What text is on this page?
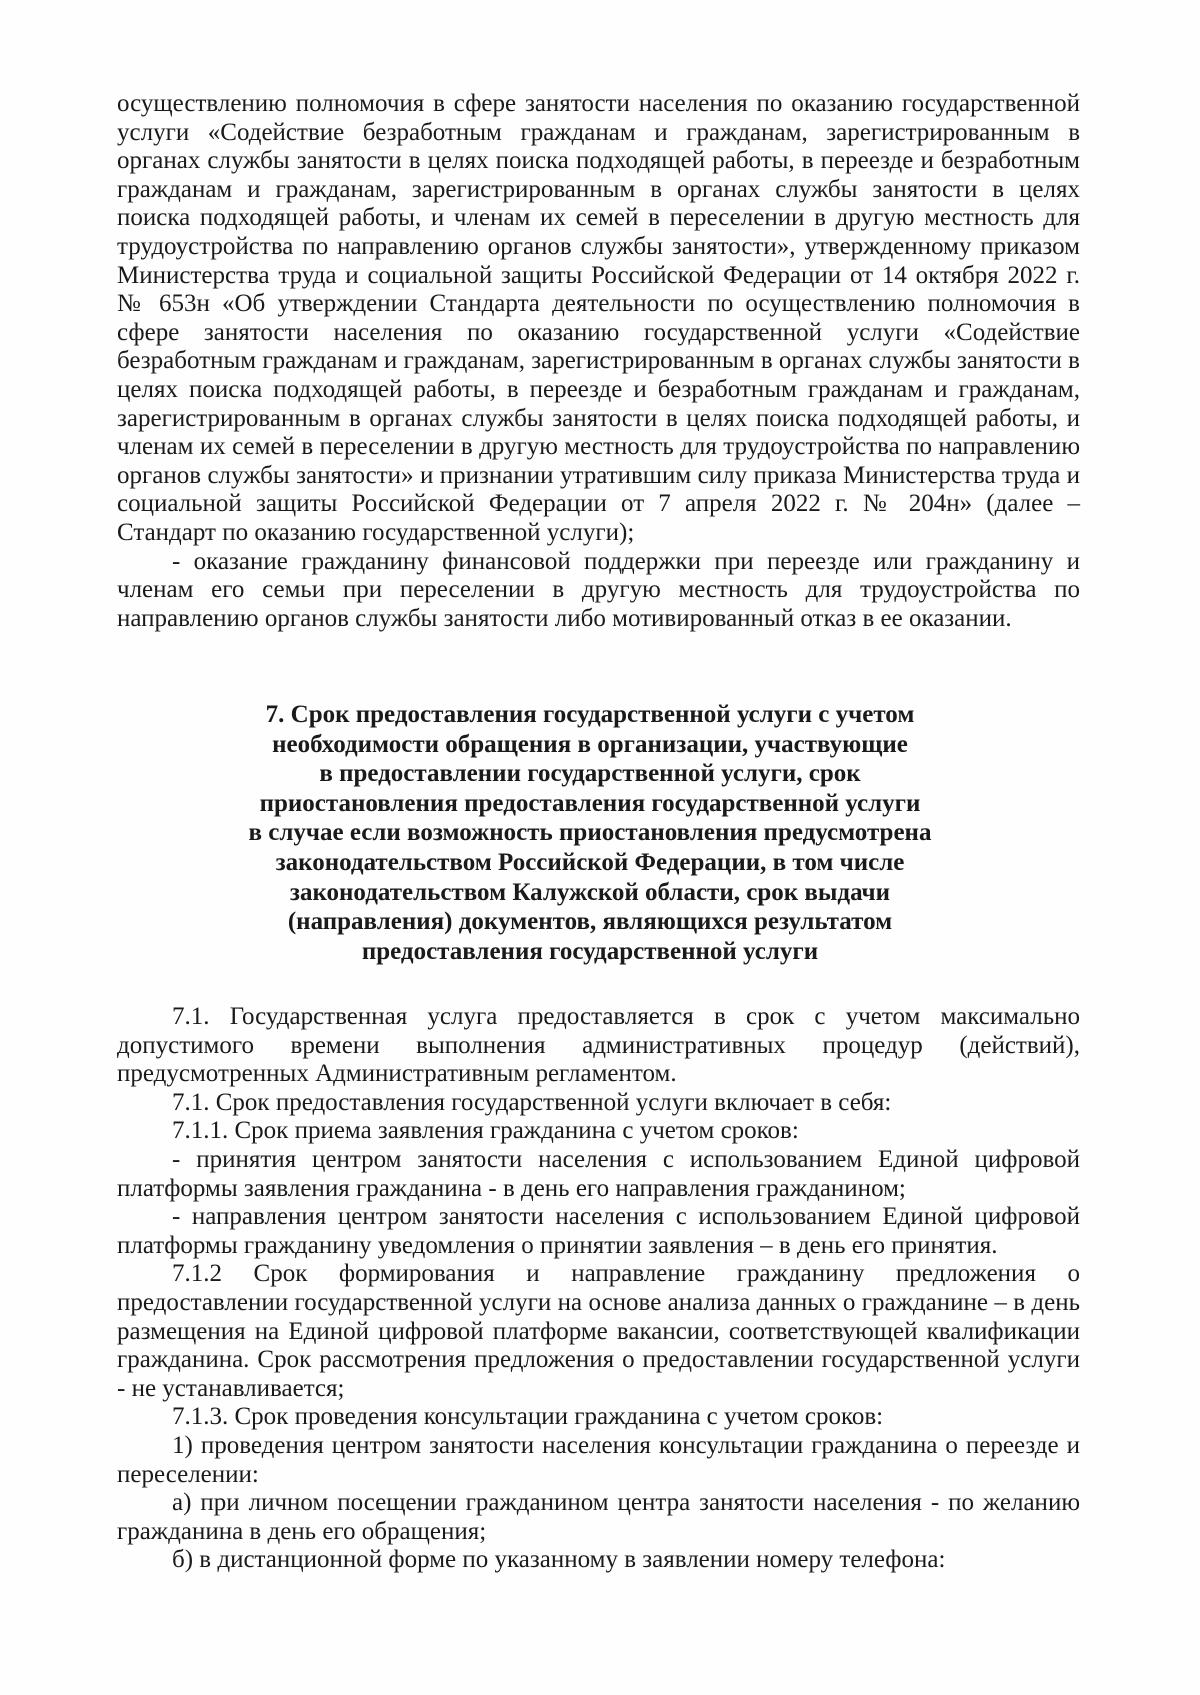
осуществлению полномочия в сфере занятости населения по оказанию государственной услуги «Содействие безработным гражданам и гражданам, зарегистрированным в органах службы занятости в целях поиска подходящей работы, в переезде и безработным гражданам и гражданам, зарегистрированным в органах службы занятости в целях поиска подходящей работы, и членам их семей в переселении в другую местность для трудоустройства по направлению органов службы занятости», утвержденному приказом Министерства труда и социальной защиты Российской Федерации от 14 октября 2022 г. № 653н «Об утверждении Стандарта деятельности по осуществлению полномочия в сфере занятости населения по оказанию государственной услуги «Содействие безработным гражданам и гражданам, зарегистрированным в органах службы занятости в целях поиска подходящей работы, в переезде и безработным гражданам и гражданам, зарегистрированным в органах службы занятости в целях поиска подходящей работы, и членам их семей в переселении в другую местность для трудоустройства по направлению органов службы занятости» и признании утратившим силу приказа Министерства труда и социальной защиты Российской Федерации от 7 апреля 2022 г. № 204н» (далее – Стандарт по оказанию государственной услуги);

- оказание гражданину финансовой поддержки при переезде или гражданину и членам его семьи при переселении в другую местность для трудоустройства по направлению органов службы занятости либо мотивированный отказ в ее оказании.

7. Срок предоставления государственной услуги с учетом
необходимости обращения в организации, участвующие
в предоставлении государственной услуги, срок
приостановления предоставления государственной услуги
в случае если возможность приостановления предусмотрена
законодательством Российской Федерации, в том числе
законодательством Калужской области, срок выдачи
(направления) документов, являющихся результатом
предоставления государственной услуги

7.1. Государственная услуга предоставляется в срок с учетом максимально допустимого времени выполнения административных процедур (действий), предусмотренных Административным регламентом.

7.1. Срок предоставления государственной услуги включает в себя:

7.1.1. Срок приема заявления гражданина с учетом сроков:

- принятия центром занятости населения с использованием Единой цифровой платформы заявления гражданина - в день его направления гражданином;

- направления центром занятости населения с использованием Единой цифровой платформы гражданину уведомления о принятии заявления – в день его принятия.

7.1.2 Срок формирования и направление гражданину предложения о предоставлении государственной услуги на основе анализа данных о гражданине – в день размещения на Единой цифровой платформе вакансии, соответствующей квалификации гражданина. Срок рассмотрения предложения о предоставлении государственной услуги - не устанавливается;

7.1.3. Срок проведения консультации гражданина с учетом сроков:

1) проведения центром занятости населения консультации гражданина о переезде и переселении:

а) при личном посещении гражданином центра занятости населения - по желанию гражданина в день его обращения;

б) в дистанционной форме по указанному в заявлении номеру телефона:
